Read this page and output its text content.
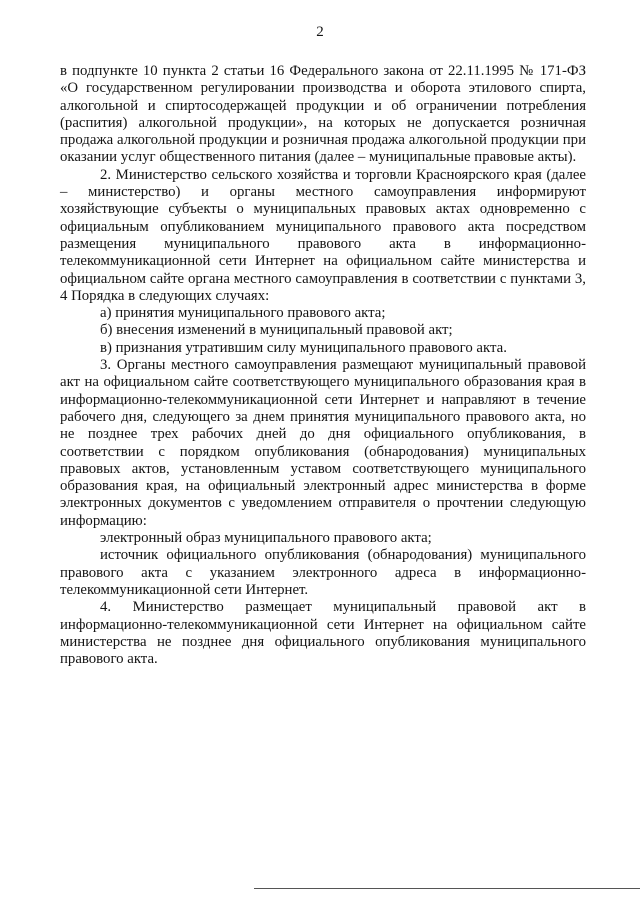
2

в подпункте 10 пункта 2 статьи 16 Федерального закона от 22.11.1995 № 171-ФЗ «О государственном регулировании производства и оборота этилового спирта, алкогольной и спиртосодержащей продукции и об ограничении потребления (распития) алкогольной продукции», на которых не допускается розничная продажа алкогольной продукции и розничная продажа алкогольной продукции при оказании услуг общественного питания (далее – муниципальные правовые акты).

2. Министерство сельского хозяйства и торговли Красноярского края (далее – министерство) и органы местного самоуправления информируют хозяйствующие субъекты о муниципальных правовых актах одновременно с официальным опубликованием муниципального правового акта посредством размещения муниципального правового акта в информационно-телекоммуникационной сети Интернет на официальном сайте министерства и официальном сайте органа местного самоуправления в соответствии с пунктами 3, 4 Порядка в следующих случаях:

а) принятия муниципального правового акта;

б) внесения изменений в муниципальный правовой акт;

в) признания утратившим силу муниципального правового акта.

3. Органы местного самоуправления размещают муниципальный правовой акт на официальном сайте соответствующего муниципального образования края в информационно-телекоммуникационной сети Интернет и направляют в течение рабочего дня, следующего за днем принятия муниципального правового акта, но не позднее трех рабочих дней до дня официального опубликования, в соответствии с порядком опубликования (обнародования) муниципальных правовых актов, установленным уставом соответствующего муниципального образования края, на официальный электронный адрес министерства в форме электронных документов с уведомлением отправителя о прочтении следующую информацию:

электронный образ муниципального правового акта;

источник официального опубликования (обнародования) муниципального правового акта с указанием электронного адреса в информационно-телекоммуникационной сети Интернет.

4. Министерство размещает муниципальный правовой акт в информационно-телекоммуникационной сети Интернет на официальном сайте министерства не позднее дня официального опубликования муниципального правового акта.
